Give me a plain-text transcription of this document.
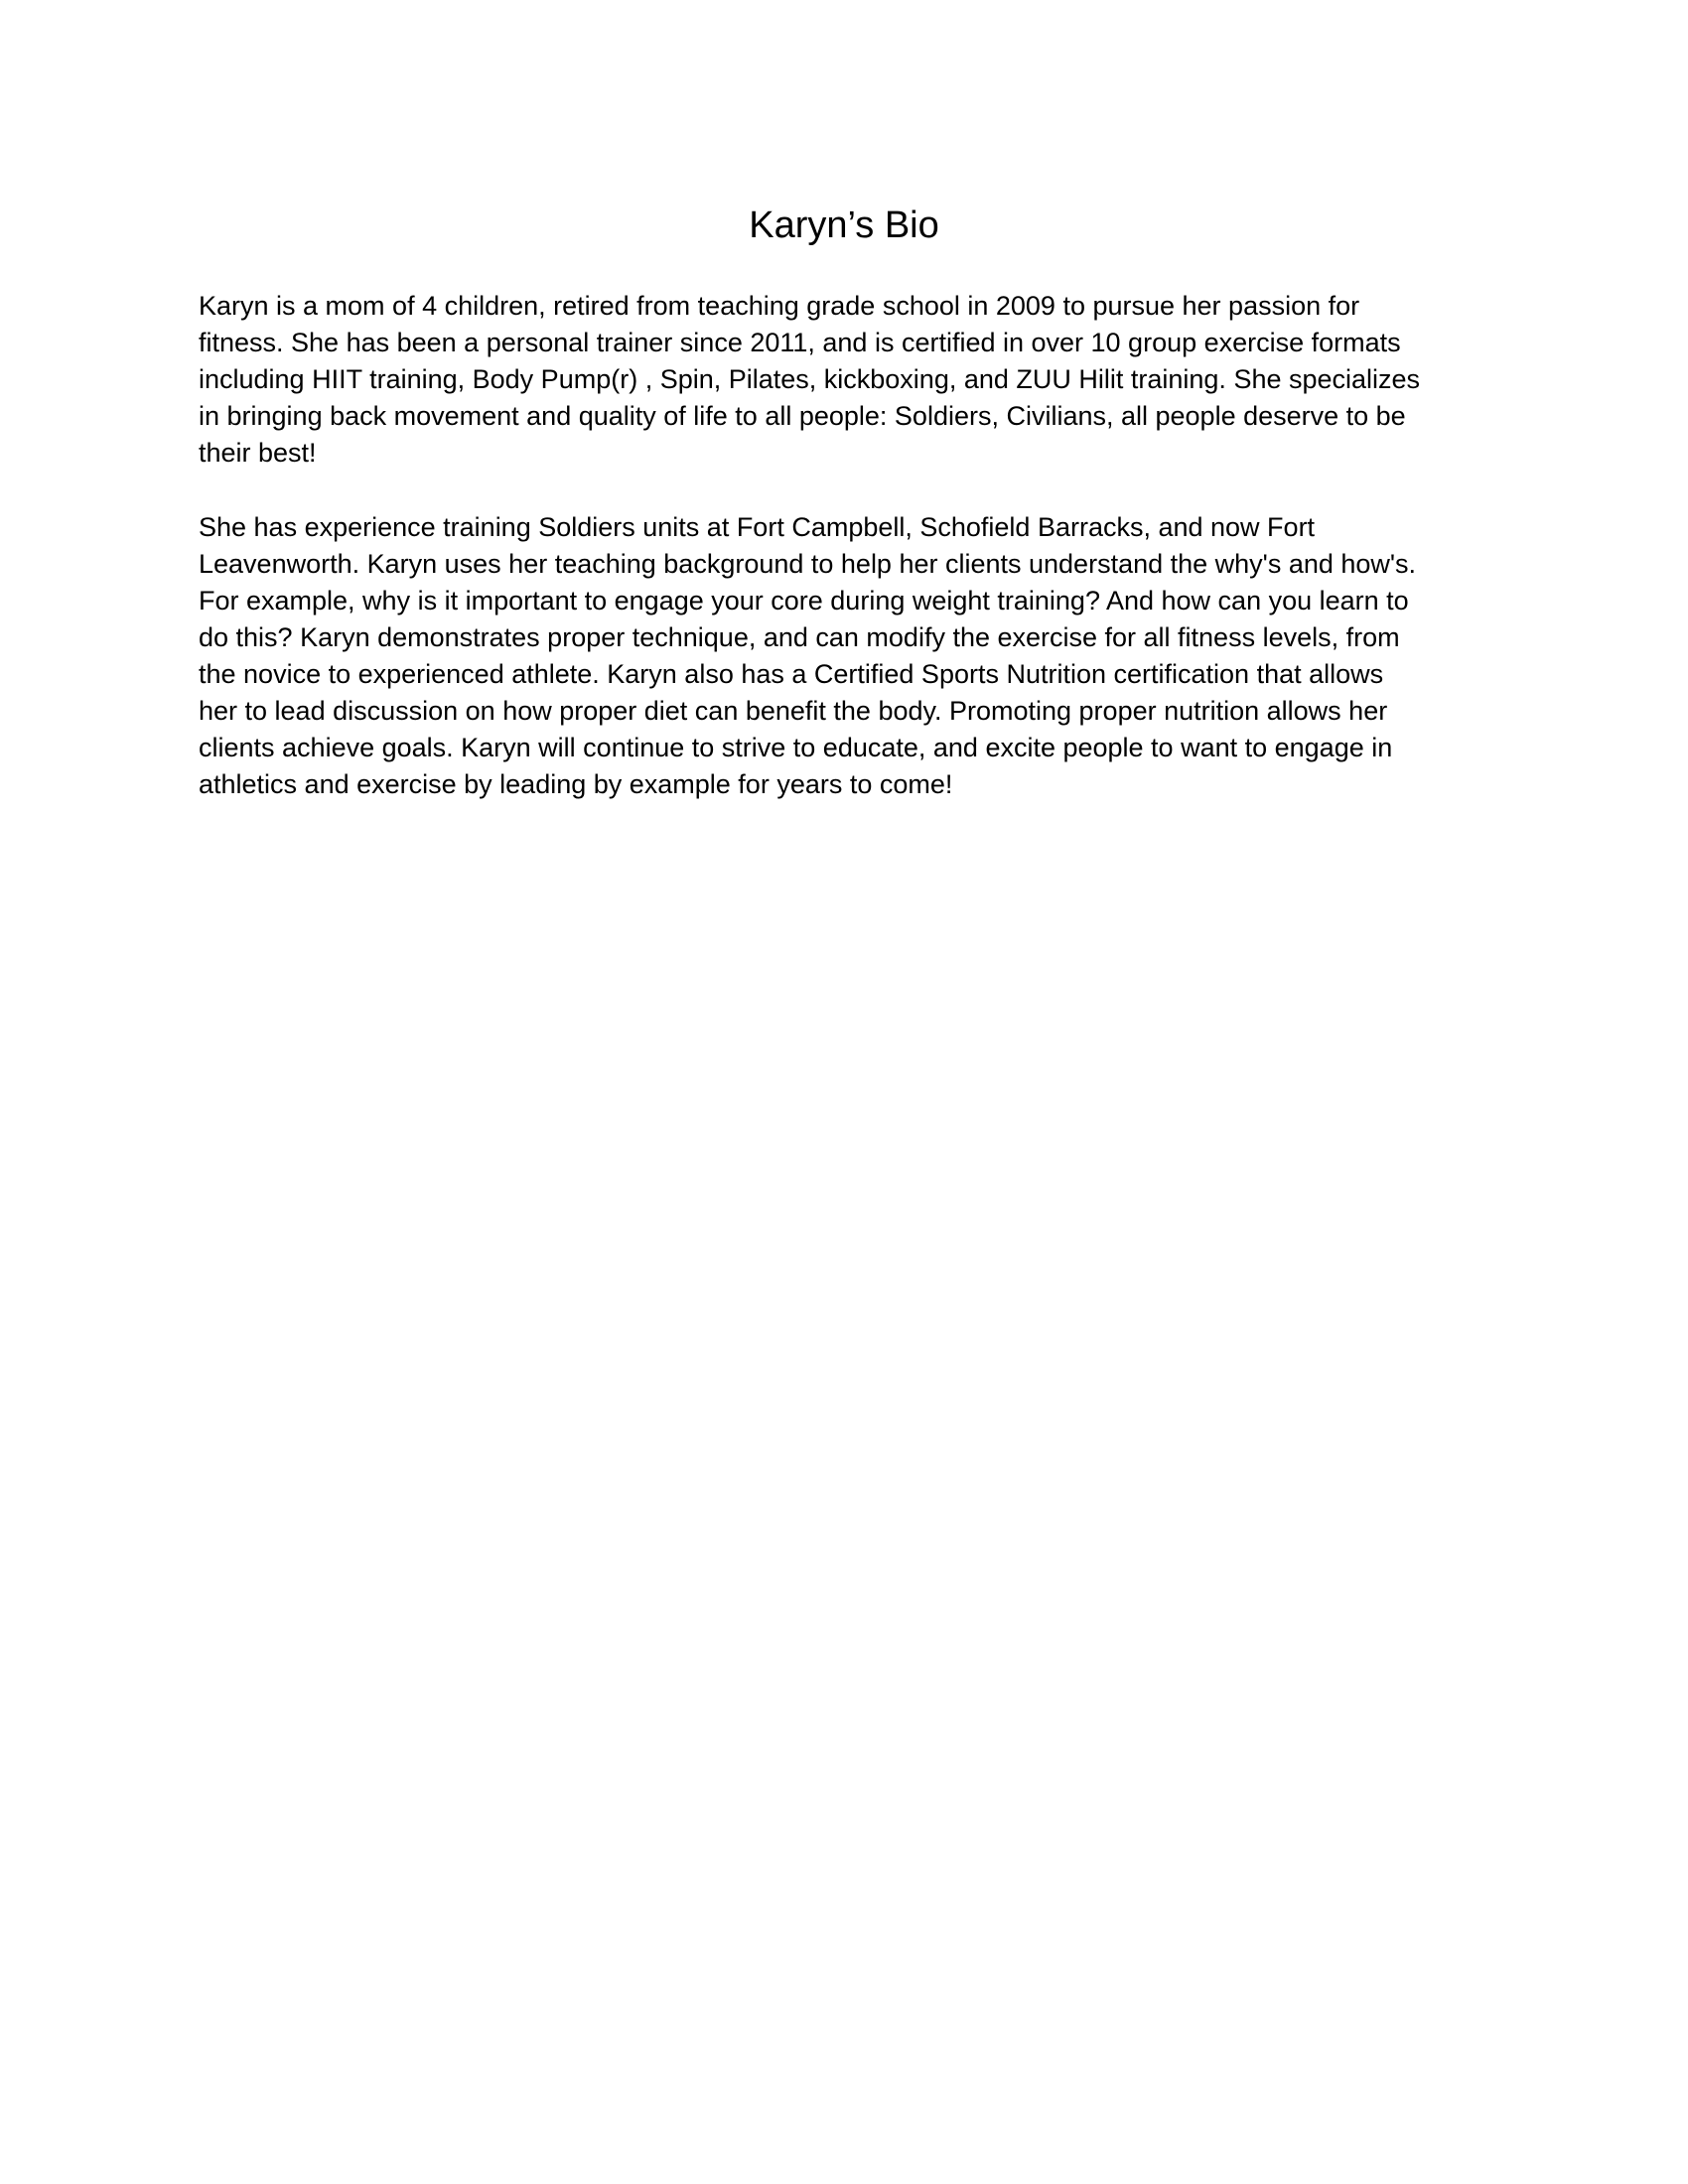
Karyn’s Bio

Karyn is a mom of 4 children, retired from teaching grade school in 2009 to pursue her passion for
fitness. She has been a personal trainer since 2011, and is certified in over 10 group exercise formats
including HIIT training, Body Pump(r) , Spin, Pilates, kickboxing, and ZUU Hilit training. She specializes
in bringing back movement and quality of life to all people: Soldiers, Civilians, all people deserve to be
their best!

She has experience training Soldiers units at Fort Campbell, Schofield Barracks, and now Fort
Leavenworth. Karyn uses her teaching background to help her clients understand the why's and how's.
For example, why is it important to engage your core during weight training? And how can you learn to
do this? Karyn demonstrates proper technique, and can modify the exercise for all fitness levels, from
the novice to experienced athlete. Karyn also has a Certified Sports Nutrition certification that allows
her to lead discussion on how proper diet can benefit the body. Promoting proper nutrition allows her
clients achieve goals. Karyn will continue to strive to educate, and excite people to want to engage in
athletics and exercise by leading by example for years to come!
